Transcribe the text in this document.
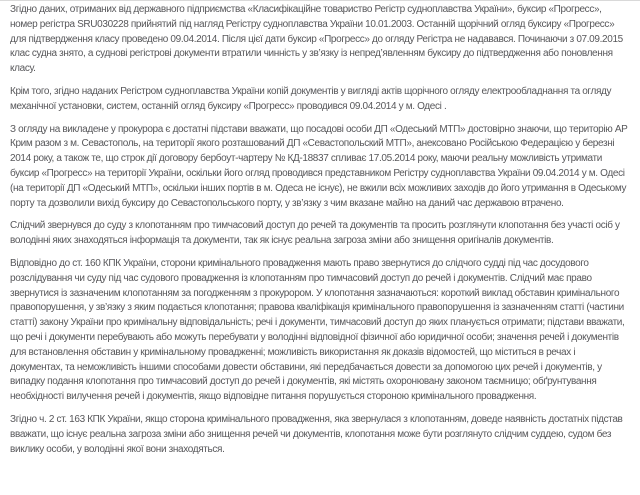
Згідно даних, отриманих від державного підприємства «Класифікаційне товариство Регістр судноплавства України», буксир «Прогресс», номер регістра SRU030228 прийнятий під нагляд Регістру судноплавства України 10.01.2003. Останній щорічний огляд буксиру «Прогресс» для підтвердження класу проведено 09.04.2014. Після цієї дати буксир «Прогресс» до огляду Регістра не надавався. Починаючи з 07.09.2015 клас судна знято, а суднові регістрові документи втратили чинність у зв’язку із непред’явленням буксиру до підтвердження або поновлення класу.

Крім того, згідно наданих Регістром судноплавства України копій документів у вигляді актів щорічного огляду електрообладнання та огляду механічної установки, систем, останній огляд буксиру «Прогресс» проводився 09.04.2014 у м. Одесі .

З огляду на викладене у прокурора є достатні підстави вважати, що посадові особи ДП «Одеський МТП» достовірно знаючи, що територію АР Крим разом з м. Севастополь, на території якого розташований ДП «Севастопольский МТП», анексовано Російською Федерацією у березні 2014 року, а також те, що строк дії договору бербоут-чартеру № КД-18837 спливає 17.05.2014 року, маючи реальну можливість утримати буксир «Прогресс» на території України, оскільки його огляд проводився представником Регістру судноплавства України 09.04.2014 у м. Одесі (на території ДП «Одеський МТП», оскільки інших портів в м. Одеса не існує), не вжили всіх можливих заходів до його утримання в Одеському порту та дозволили вихід буксиру до Севастопольського порту, у зв’язку з чим вказане майно на даний час державою втрачено.

Слідчий звернувся до суду з клопотанням про тимчасовий доступ до речей та документів та просить розглянути клопотання без участі осіб у володінні яких знаходяться інформація та документи, так як існує реальна загроза зміни або знищення оригіналів документів.

Відповідно до ст. 160 КПК України, сторони кримінального провадження мають право звернутися до слідчого судді під час досудового розслідування чи суду під час судового провадження із клопотанням про тимчасовий доступ до речей і документів. Слідчий має право звернутися із зазначеним клопотанням за погодженням з прокурором. У клопотання зазначаються: короткий виклад обставин кримінального правопорушення, у зв’язку з яким подається клопотання; правова кваліфікація кримінального правопорушення із зазначенням статті (частини статті) закону України про кримінальну відповідальність; речі і документи, тимчасовий доступ до яких планується отримати; підстави вважати, що речі і документи перебувають або можуть перебувати у володінні відповідної фізичної або юридичної особи; значення речей і документів для встановлення обставин у кримінальному провадженні; можливість використання як доказів відомостей, що міститься в речах і документах, та неможливість іншими способами довести обставини, які передбачається довести за допомогою цих речей і документів, у випадку подання клопотання про тимчасовий доступ до речей і документів, які містять охоронювану законом таємницю; обґрунтування необхідності вилучення речей і документів, якщо відповідне питання порушується стороною кримінального провадження.

Згідно ч. 2 ст. 163 КПК України, якщо сторона кримінального провадження, яка звернулася з клопотанням, доведе наявність достатніх підстав вважати, що існує реальна загроза зміни або знищення речей чи документів, клопотання може бути розглянуто слідчим суддею, судом без виклику особи, у володінні якої вони знаходяться.
